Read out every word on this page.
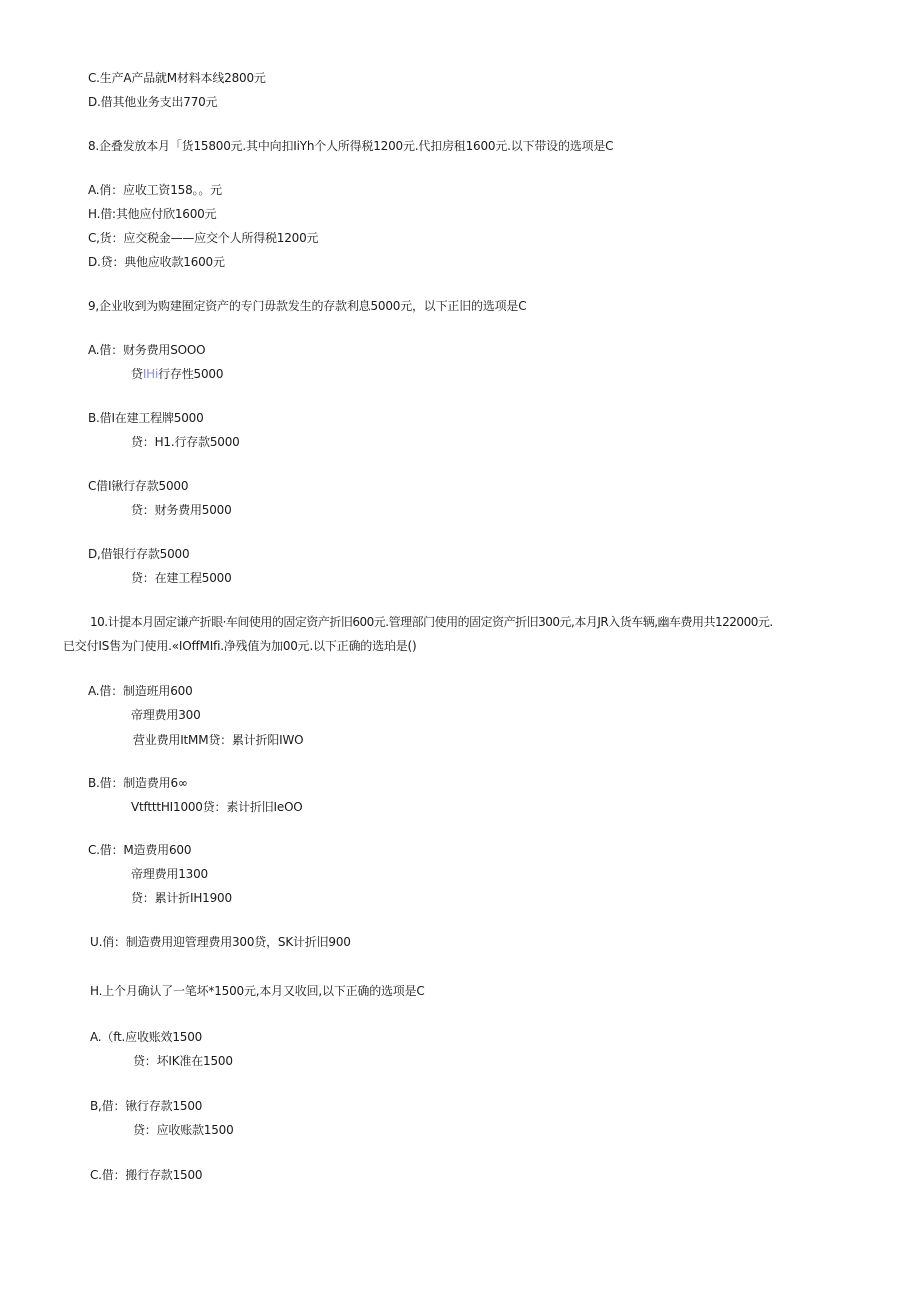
C.生产A产品就M材料本线2800元
D.借其他业务支出770元
8.企叠发放本月「货15800元.其中向扣IiYh个人所得税1200元.代扣房租1600元.以下带设的选项是C
A.俏：应收工资158。。元
H.借:其他应付欣1600元
C,货：应交税金——应交个人所得税1200元
D.贷：典他应收款1600元
9,企业收到为购建囿定资产的专门毋款发生的存款利息5000元，以下正旧的选项是C
A.借：财务费用SOOO
贷IHi行存性5000
B.借I在建工程牌5000
贷：H1.行存款5000
C借I锹行存款5000
贷：财务费用5000
D,借银行存款5000
贷：在建工程5000
10.计提本月固定谦产折眼·车间使用的固定资产折旧600元.管理部门使用的固定资产折旧300元,本月JR入货车辆,幽车费用共122000元.
已交付IS售为门使用.«IOffMIfi.净残值为加00元.以下正确的选珀是()
A.借：制造班用600
帝理费用300
营业费用ItMM贷：累计折阳IWO
B.借：制造费用6∞
VtftttHI1000贷：素计折旧IeOO
C.借：M造费用600
帝理费用1300
贷：累计折IH1900
U.俏：制造费用迎管理费用300贷，SK计折旧900
H.上个月确认了一笔坏*1500元,本月又收回,以下正确的选项是C
A.（ft.应收账效1500
贷：坏IK准在1500
B,借：锹行存款1500
贷：应收账款1500
C.借：搬行存款1500
